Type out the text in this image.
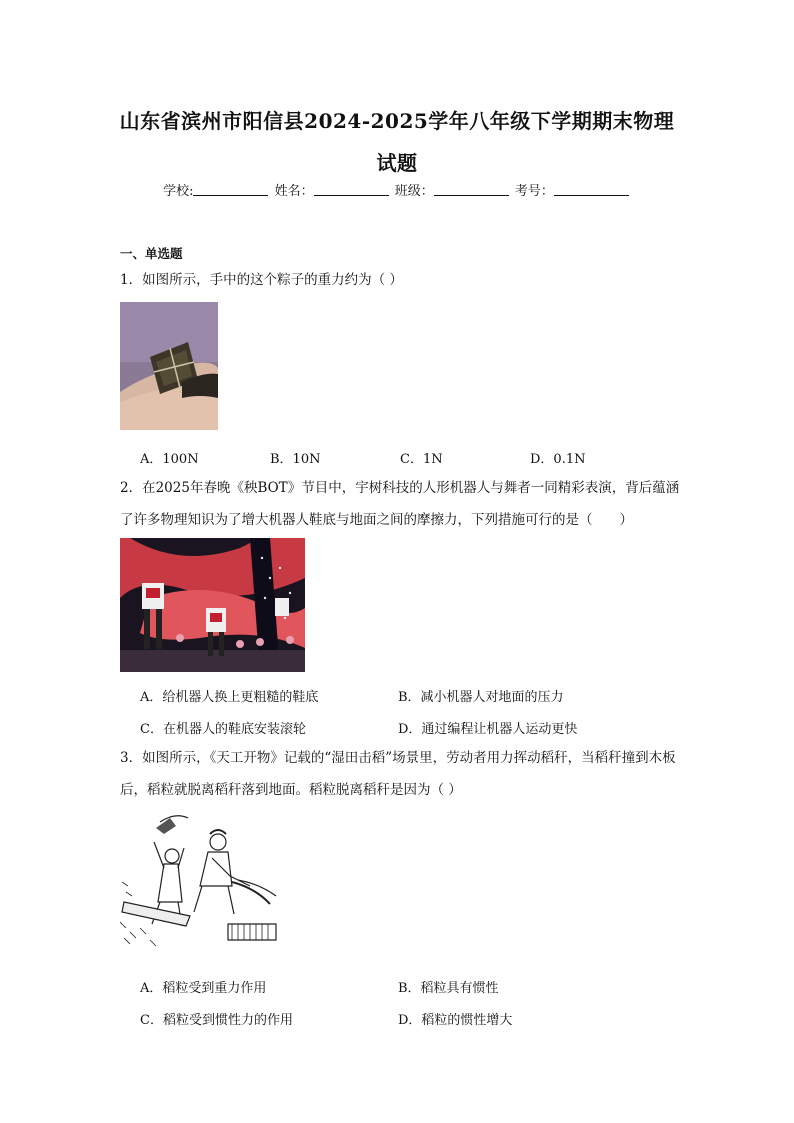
山东省滨州市阳信县2024-2025学年八年级下学期期末物理试题
学校:	姓名：	班级：	考号：
一、单选题
1．如图所示，手中的这个粽子的重力约为（ ）
A．100N	B．10N	C．1N	D．0.1N
2．在2025年春晚《秧BOT》节目中，宇树科技的人形机器人与舞者一同精彩表演，背后蕴涵了许多物理知识为了增大机器人鞋底与地面之间的摩擦力，下列措施可行的是（　　）
A．给机器人换上更粗糙的鞋底	B．减小机器人对地面的压力
C．在机器人的鞋底安装滚轮	D．通过编程让机器人运动更快
3．如图所示，《天工开物》记载的“湿田击稻”场景里，劳动者用力挥动稻秆，当稻秆撞到木板后，稻粒就脱离稻秆落到地面。稻粒脱离稻秆是因为（ ）
A．稻粒受到重力作用	B．稻粒具有惯性
C．稻粒受到惯性力的作用	D．稻粒的惯性增大
